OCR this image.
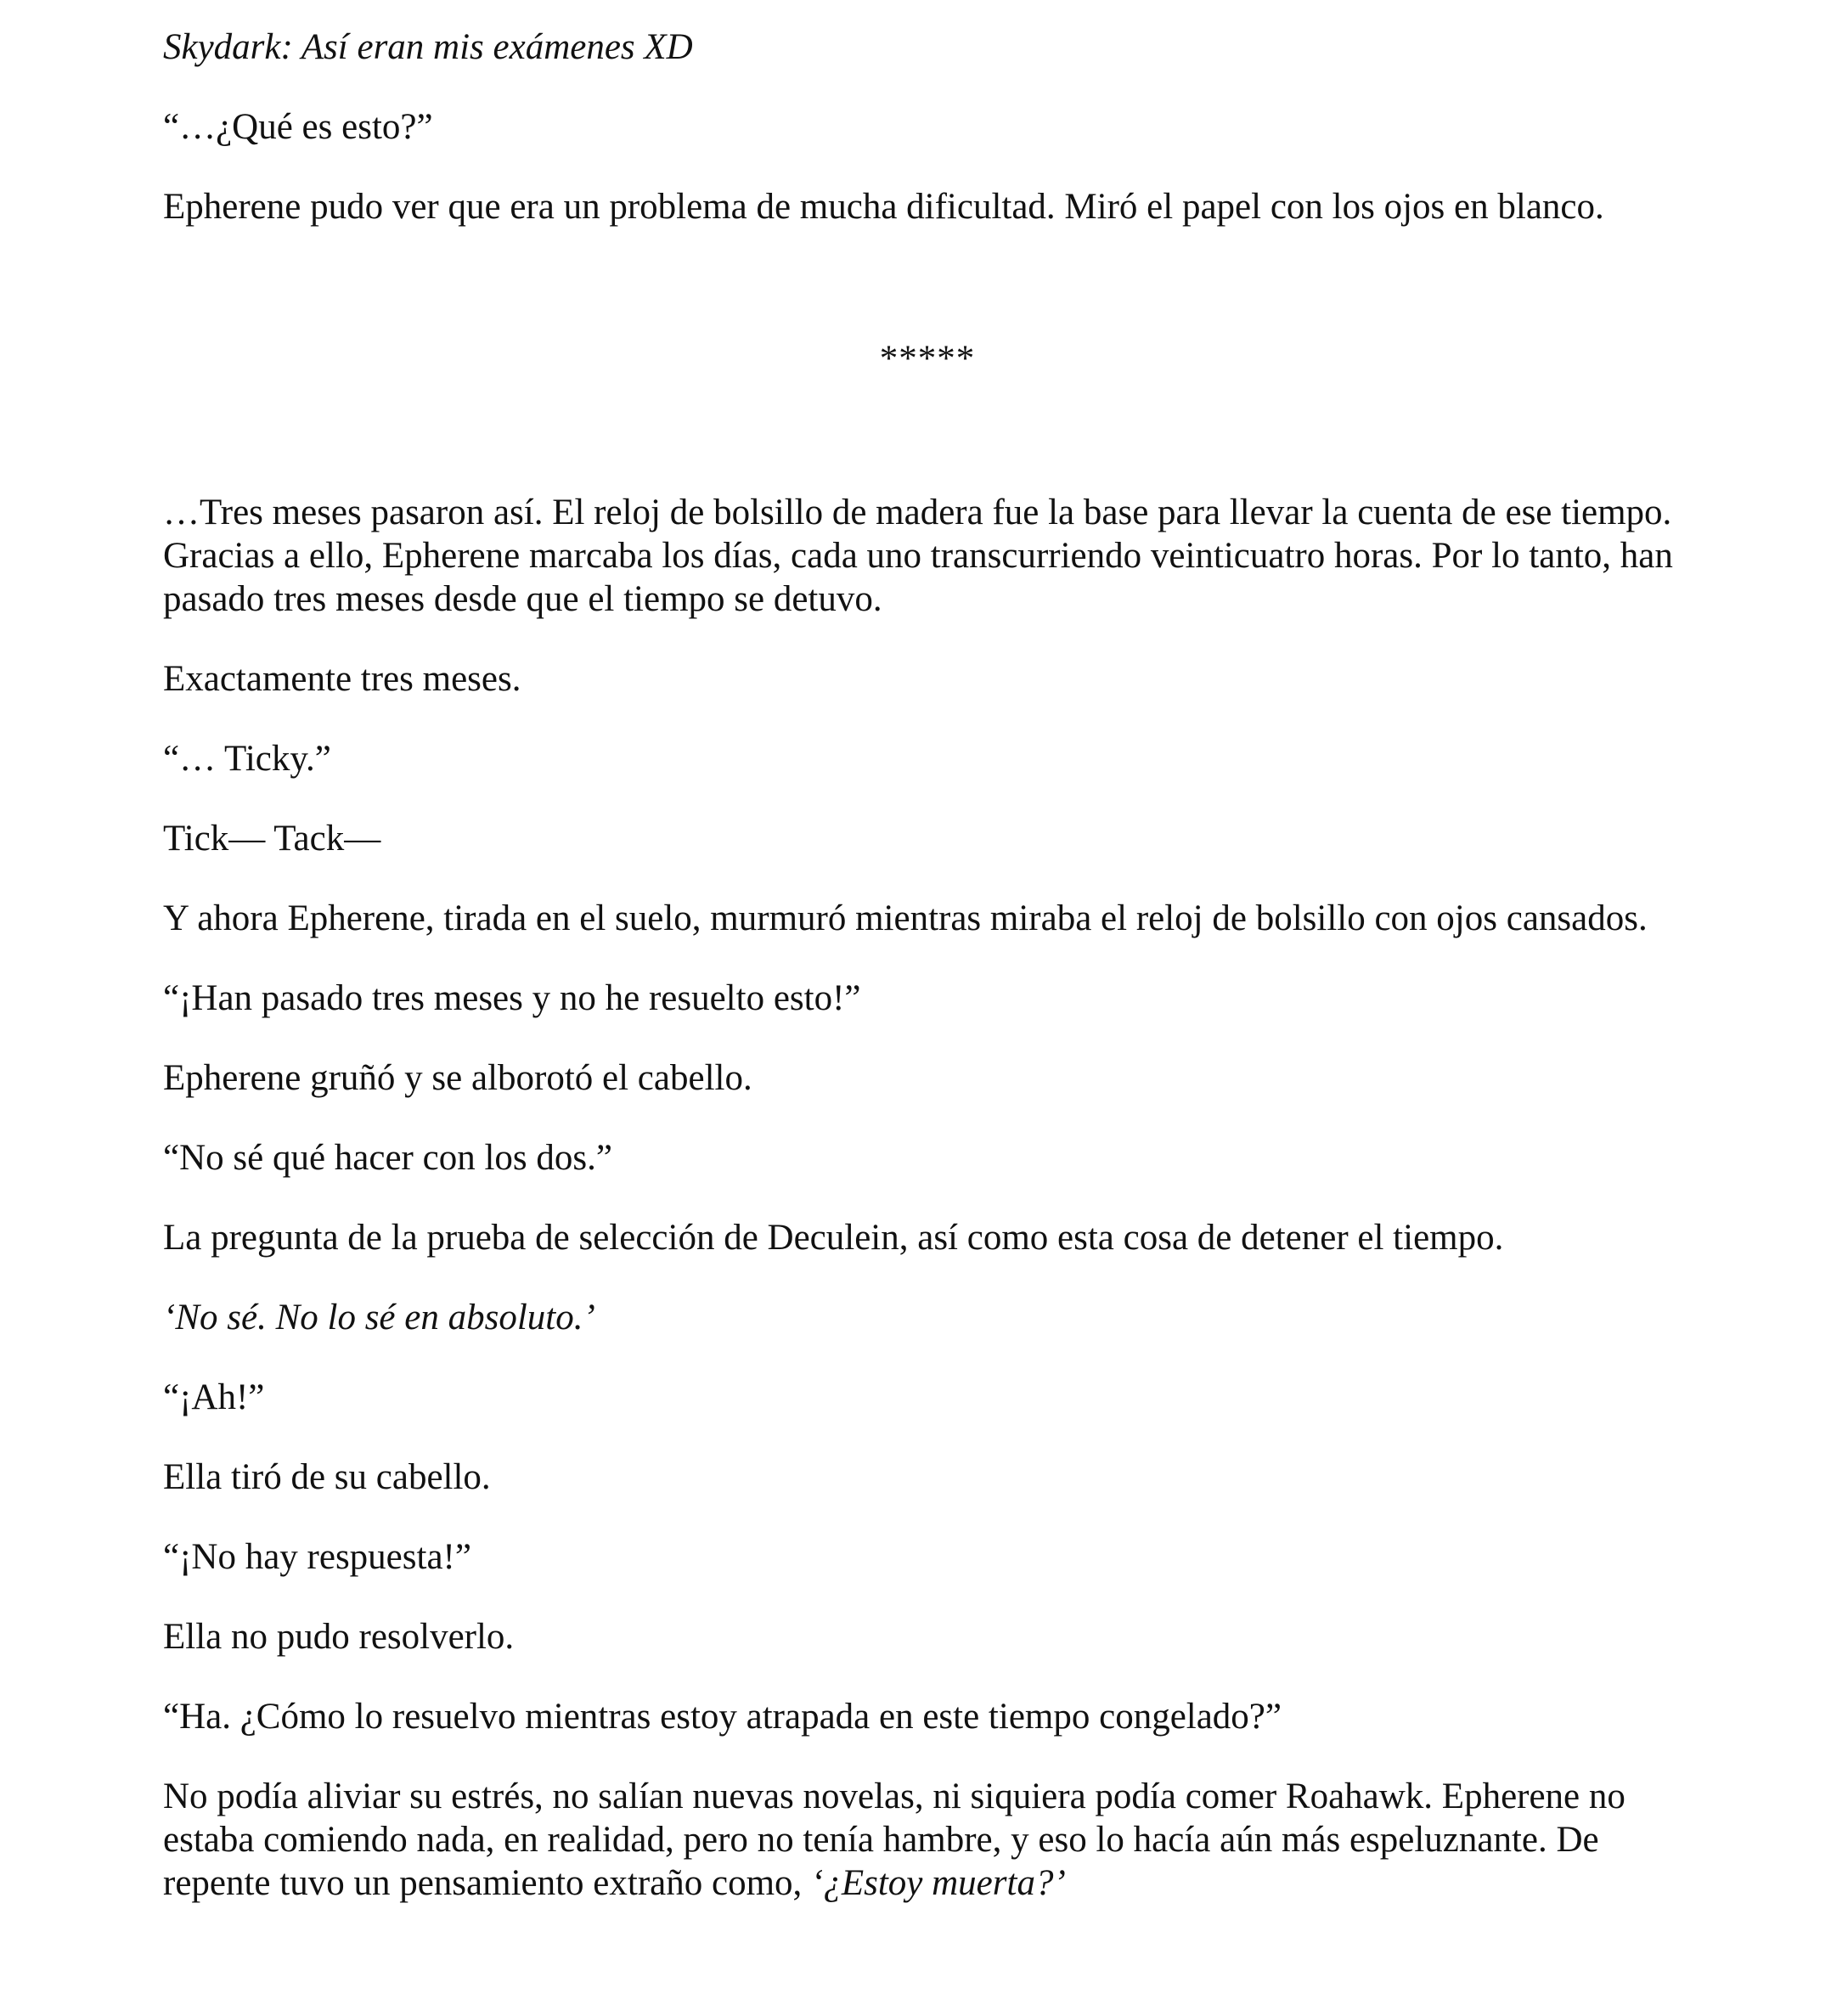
Skydark: Así eran mis exámenes XD

“…¿Qué es esto?”

Epherene pudo ver que era un problema de mucha dificultad. Miró el papel con los ojos en blanco.

*****

…Tres meses pasaron así. El reloj de bolsillo de madera fue la base para llevar la cuenta de ese tiempo. Gracias a ello, Epherene marcaba los días, cada uno transcurriendo veinticuatro horas. Por lo tanto, han pasado tres meses desde que el tiempo se detuvo.

Exactamente tres meses.

“… Ticky.”

Tick— Tack—

Y ahora Epherene, tirada en el suelo, murmuró mientras miraba el reloj de bolsillo con ojos cansados.

“¡Han pasado tres meses y no he resuelto esto!”

Epherene gruñó y se alborotó el cabello.

“No sé qué hacer con los dos.”

La pregunta de la prueba de selección de Deculein, así como esta cosa de detener el tiempo.

‘No sé. No lo sé en absoluto.’

“¡Ah!”

Ella tiró de su cabello.

“¡No hay respuesta!”

Ella no pudo resolverlo.

“Ha. ¿Cómo lo resuelvo mientras estoy atrapada en este tiempo congelado?”

No podía aliviar su estrés, no salían nuevas novelas, ni siquiera podía comer Roahawk. Epherene no estaba comiendo nada, en realidad, pero no tenía hambre, y eso lo hacía aún más espeluznante. De repente tuvo un pensamiento extraño como, ‘¿Estoy muerta?’
